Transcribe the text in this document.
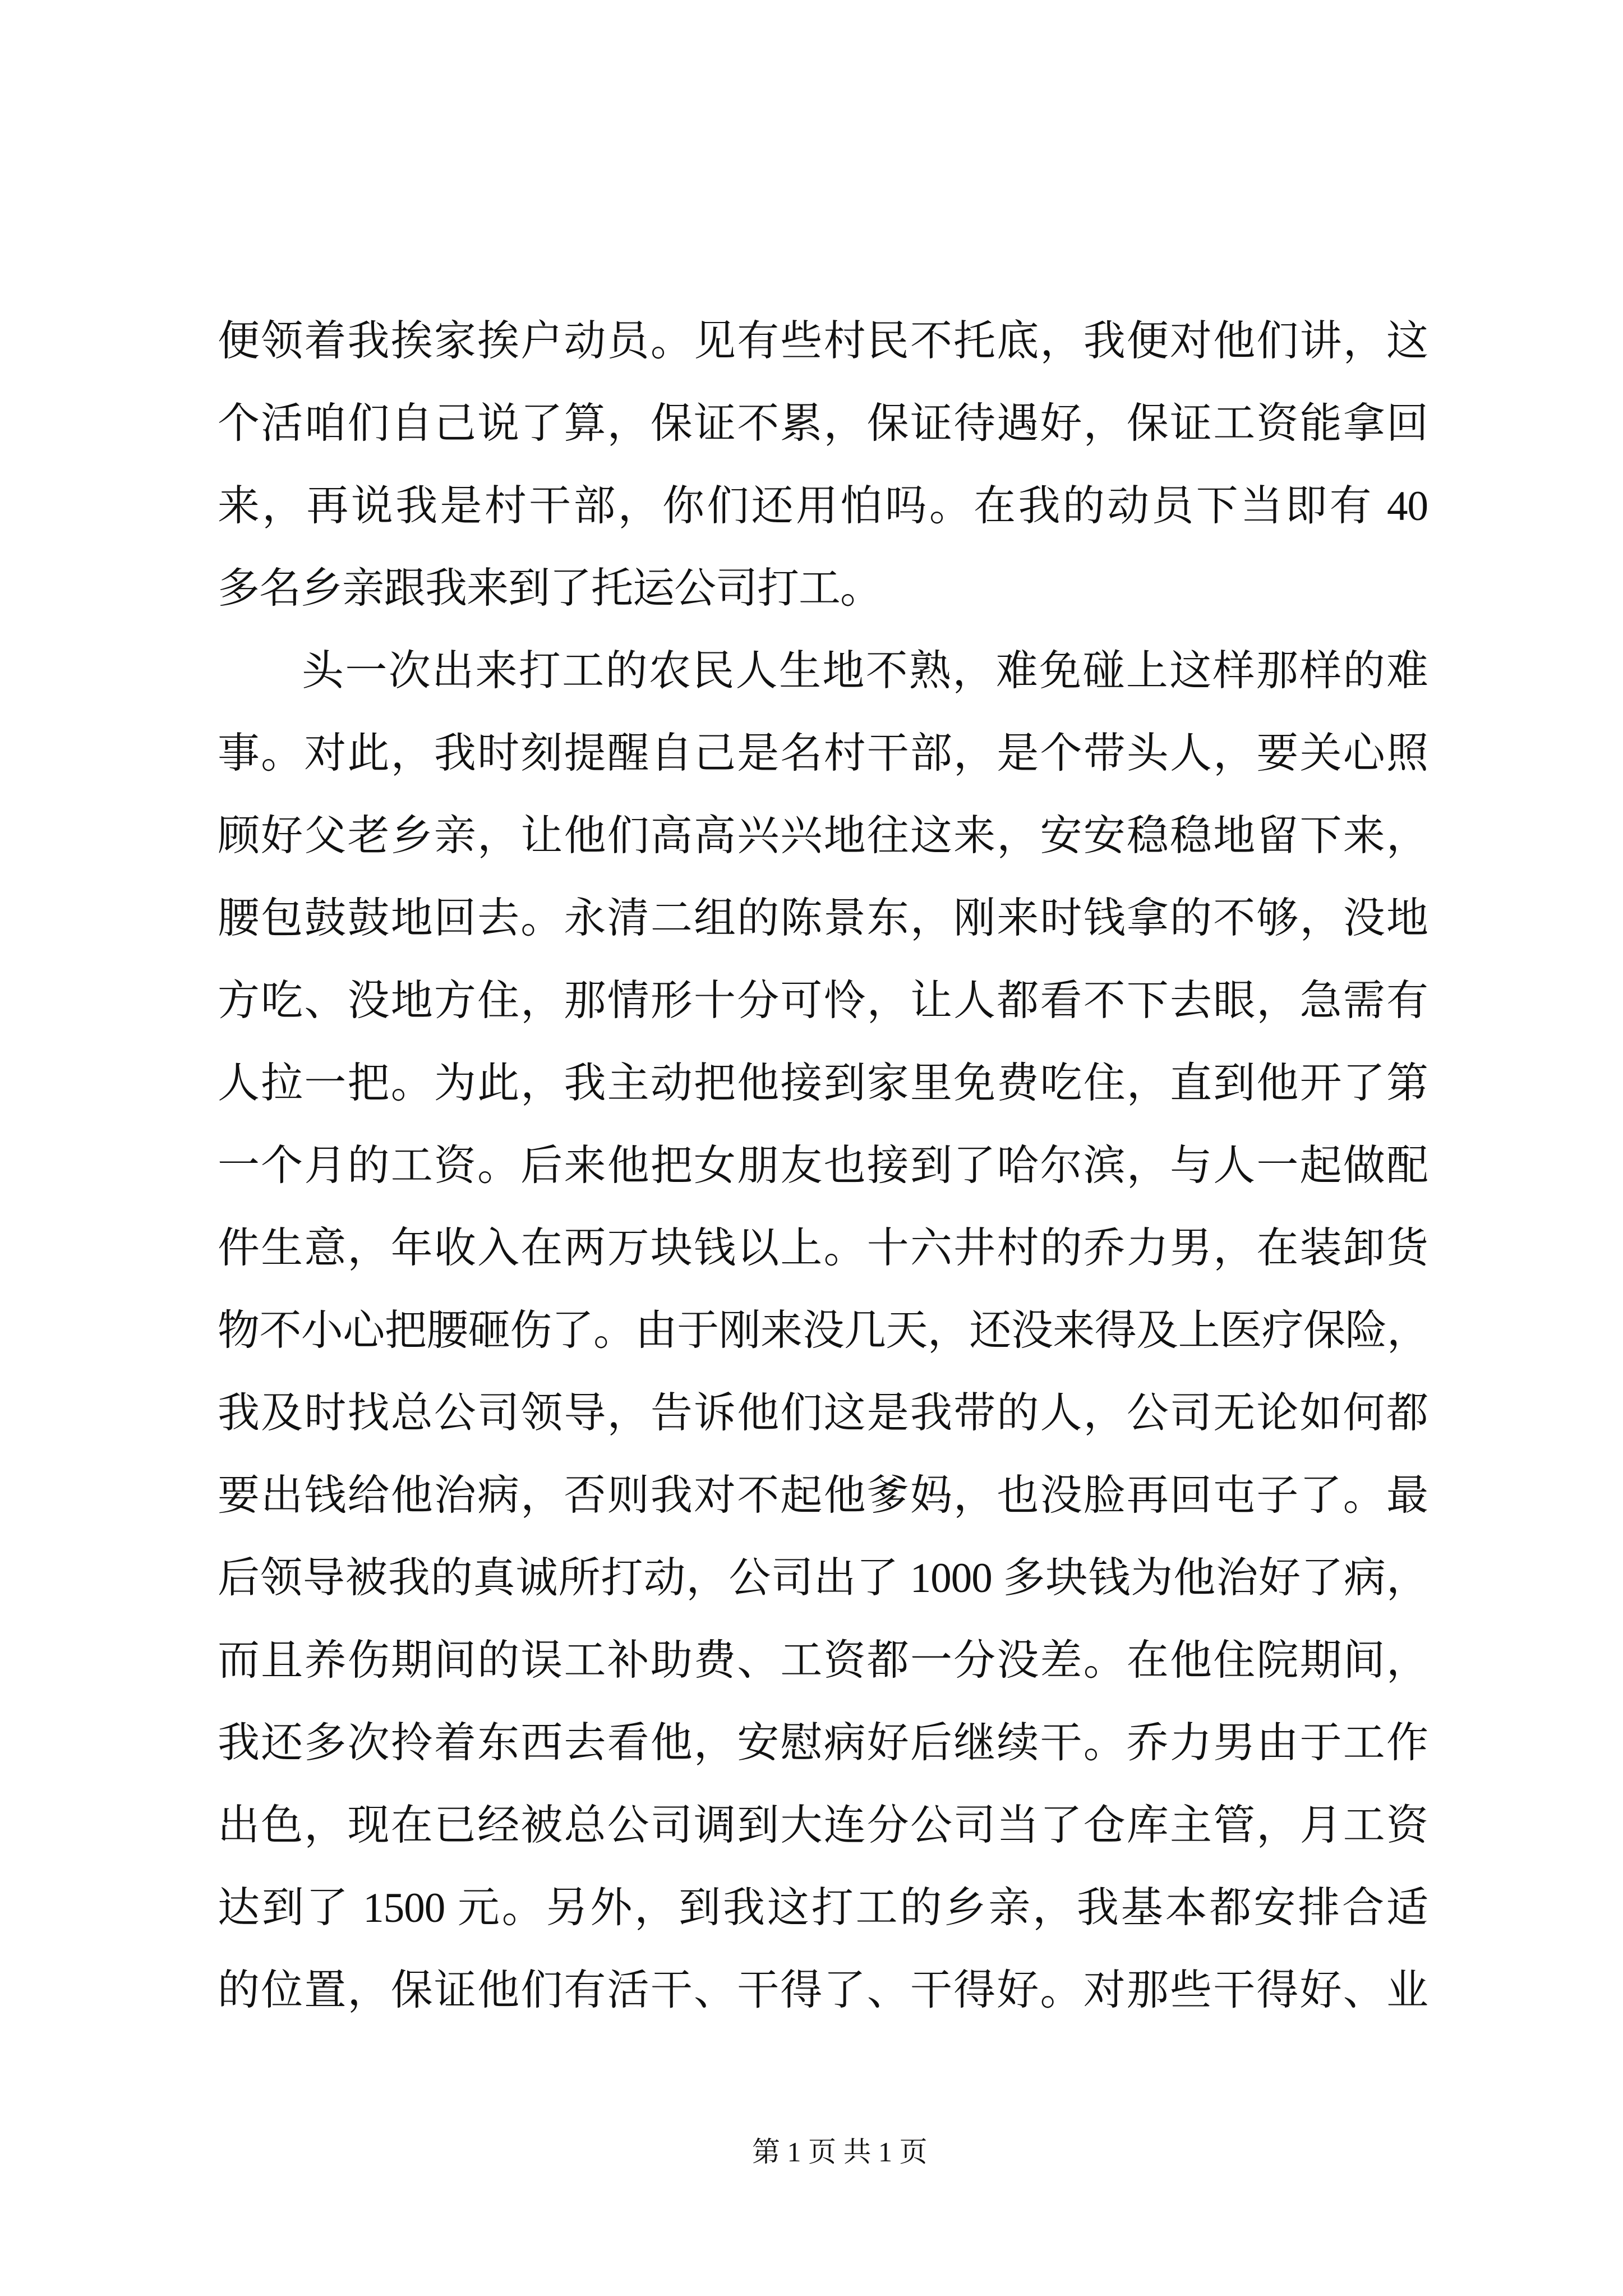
便领着我挨家挨户动员。见有些村民不托底，我便对他们讲，这
个活咱们自己说了算，保证不累，保证待遇好，保证工资能拿回
来，再说我是村干部，你们还用怕吗。在我的动员下当即有 40
多名乡亲跟我来到了托运公司打工。
头一次出来打工的农民人生地不熟，难免碰上这样那样的难
事。对此，我时刻提醒自己是名村干部，是个带头人，要关心照
顾好父老乡亲，让他们高高兴兴地往这来，安安稳稳地留下来，
腰包鼓鼓地回去。永清二组的陈景东，刚来时钱拿的不够，没地
方吃、没地方住，那情形十分可怜，让人都看不下去眼，急需有
人拉一把。为此，我主动把他接到家里免费吃住，直到他开了第
一个月的工资。后来他把女朋友也接到了哈尔滨，与人一起做配
件生意，年收入在两万块钱以上。十六井村的乔力男，在装卸货
物不小心把腰砸伤了。由于刚来没几天，还没来得及上医疗保险，
我及时找总公司领导，告诉他们这是我带的人，公司无论如何都
要出钱给他治病，否则我对不起他爹妈，也没脸再回屯子了。最
后领导被我的真诚所打动，公司出了 1000 多块钱为他治好了病，
而且养伤期间的误工补助费、工资都一分没差。在他住院期间，
我还多次拎着东西去看他，安慰病好后继续干。乔力男由于工作
出色，现在已经被总公司调到大连分公司当了仓库主管，月工资
达到了 1500 元。另外，到我这打工的乡亲，我基本都安排合适
的位置，保证他们有活干、干得了、干得好。对那些干得好、业
第 1 页 共 1 页
